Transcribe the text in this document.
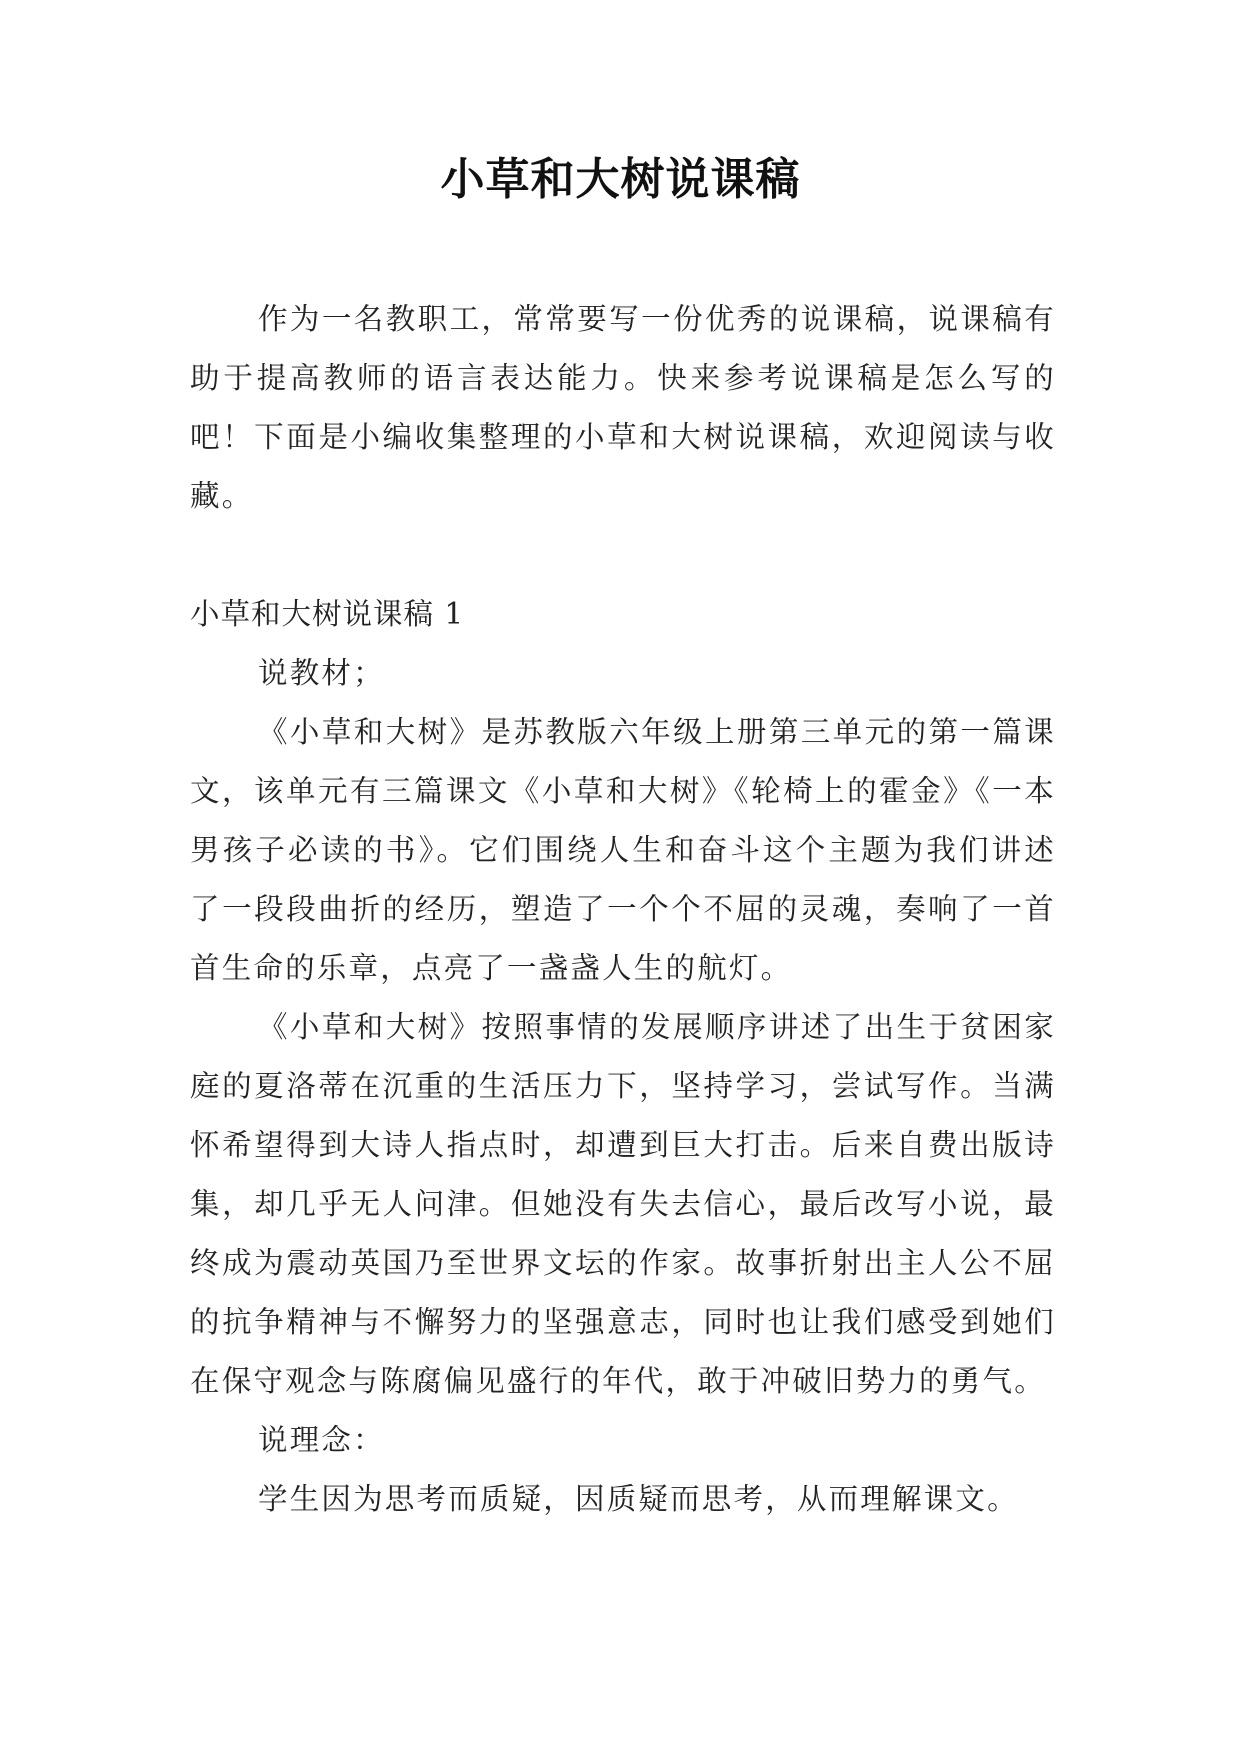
小草和大树说课稿

作为一名教职工，常常要写一份优秀的说课稿，说课稿有助于提高教师的语言表达能力。快来参考说课稿是怎么写的吧！下面是小编收集整理的小草和大树说课稿，欢迎阅读与收藏。

小草和大树说课稿 1

说教材；

《小草和大树》是苏教版六年级上册第三单元的第一篇课文，该单元有三篇课文《小草和大树》《轮椅上的霍金》《一本男孩子必读的书》。它们围绕人生和奋斗这个主题为我们讲述了一段段曲折的经历，塑造了一个个不屈的灵魂，奏响了一首首生命的乐章，点亮了一盏盏人生的航灯。

《小草和大树》按照事情的发展顺序讲述了出生于贫困家庭的夏洛蒂在沉重的生活压力下，坚持学习，尝试写作。当满怀希望得到大诗人指点时，却遭到巨大打击。后来自费出版诗集，却几乎无人问津。但她没有失去信心，最后改写小说，最终成为震动英国乃至世界文坛的作家。故事折射出主人公不屈的抗争精神与不懈努力的坚强意志，同时也让我们感受到她们在保守观念与陈腐偏见盛行的年代，敢于冲破旧势力的勇气。

说理念：

学生因为思考而质疑，因质疑而思考，从而理解课文。
